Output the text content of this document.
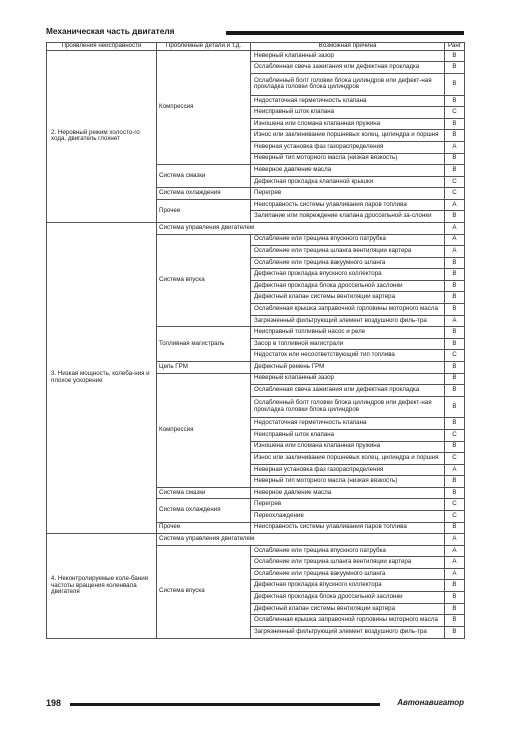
Механическая часть двигателя
Проявления неисправности	Проблемные детали и т.д.	Возможная причина	Ранг
2. Неровный режим холосто-го хода, двигатель глохнет	Компрессия	Неверный клапанный зазор	B
		Ослабленная свеча зажигания или дефектная прокладка	B
		Ослабленный болт головки блока цилиндров или дефект-ная прокладка головки блока цилиндров	B
		Недостаточная герметичность клапана	B
		Неисправный шток клапана	C
		Изношена или сломана клапанная пружина	B
		Износ или заклинивание поршневых колец, цилиндра и поршня	B
		Неверная установка фаз газораспределения	A
		Неверный тип моторного масла (низкая вязкость)	B
	Система смазки	Неверное давление масла	B
		Дефектная прокладка клапанной крышки	C
	Система охлаждения	Перегрев	C
	Прочее	Неисправность системы улавливания паров топлива	A
		Залипание или повреждение клапана дроссельной за-слонки	B
3. Низкая мощность, колеба-ния и плохое ускорение	Система управления двигателем		A
	Система впуска	Ослабление или трещина впускного патрубка	A
		Ослабление или трещина шланга вентиляции картера	A
		Ослабление или трещина вакуумного шланга	B
		Дефектная прокладка впускного коллектора	B
		Дефектная прокладка блока дроссельной заслонки	B
		Дефектный клапан системы вентиляции картера	B
		Ослабленная крышка заправочной горловины моторного масла	B
		Загрязненный фильтрующий элемент воздушного филь-тра	A
	Топливная магистраль	Неисправный топливный насос и реле	B
		Засор в топливной магистрали	B
		Недостаток или несоответствующий тип топлива	C
	Цепь ГРМ	Дефектный ремень ГРМ	B
	Компрессия	Неверный клапанный зазор	B
		Ослабленная свеча зажигания или дефектная прокладка	B
		Ослабленный болт головки блока цилиндров или дефект-ная прокладка головки блока цилиндров	B
		Недостаточная герметичность клапана	B
		Неисправный шток клапана	C
		Изношена или сломана клапанная пружина	B
		Износ или заклинивание поршневых колец, цилиндра и поршня	C
		Неверная установка фаз газораспределения	A
		Неверный тип моторного масла (низкая вязкость)	B
	Система смазки	Неверное давление масла	B
	Система охлаждения	Перегрев	C
		Переохлаждение	C
	Прочее	Неисправность системы улавливания паров топлива	B
4. Неконтролируемые коле-бания частоты вращения коленвала двигателя	Система управления двигателем		A
	Система впуска	Ослабление или трещина впускного патрубка	A
		Ослабление или трещина шланга вентиляции картера	A
		Ослабление или трещина вакуумного шланга	A
		Дефектная прокладка впускного коллектора	B
		Дефектная прокладка блока дроссельной заслонки	B
		Дефектный клапан системы вентиляции картера	B
		Ослабленная крышка заправочной горловины моторного масла	B
		Загрязненный фильтрующий элемент воздушного филь-тра	B
198	Автонавигатор
